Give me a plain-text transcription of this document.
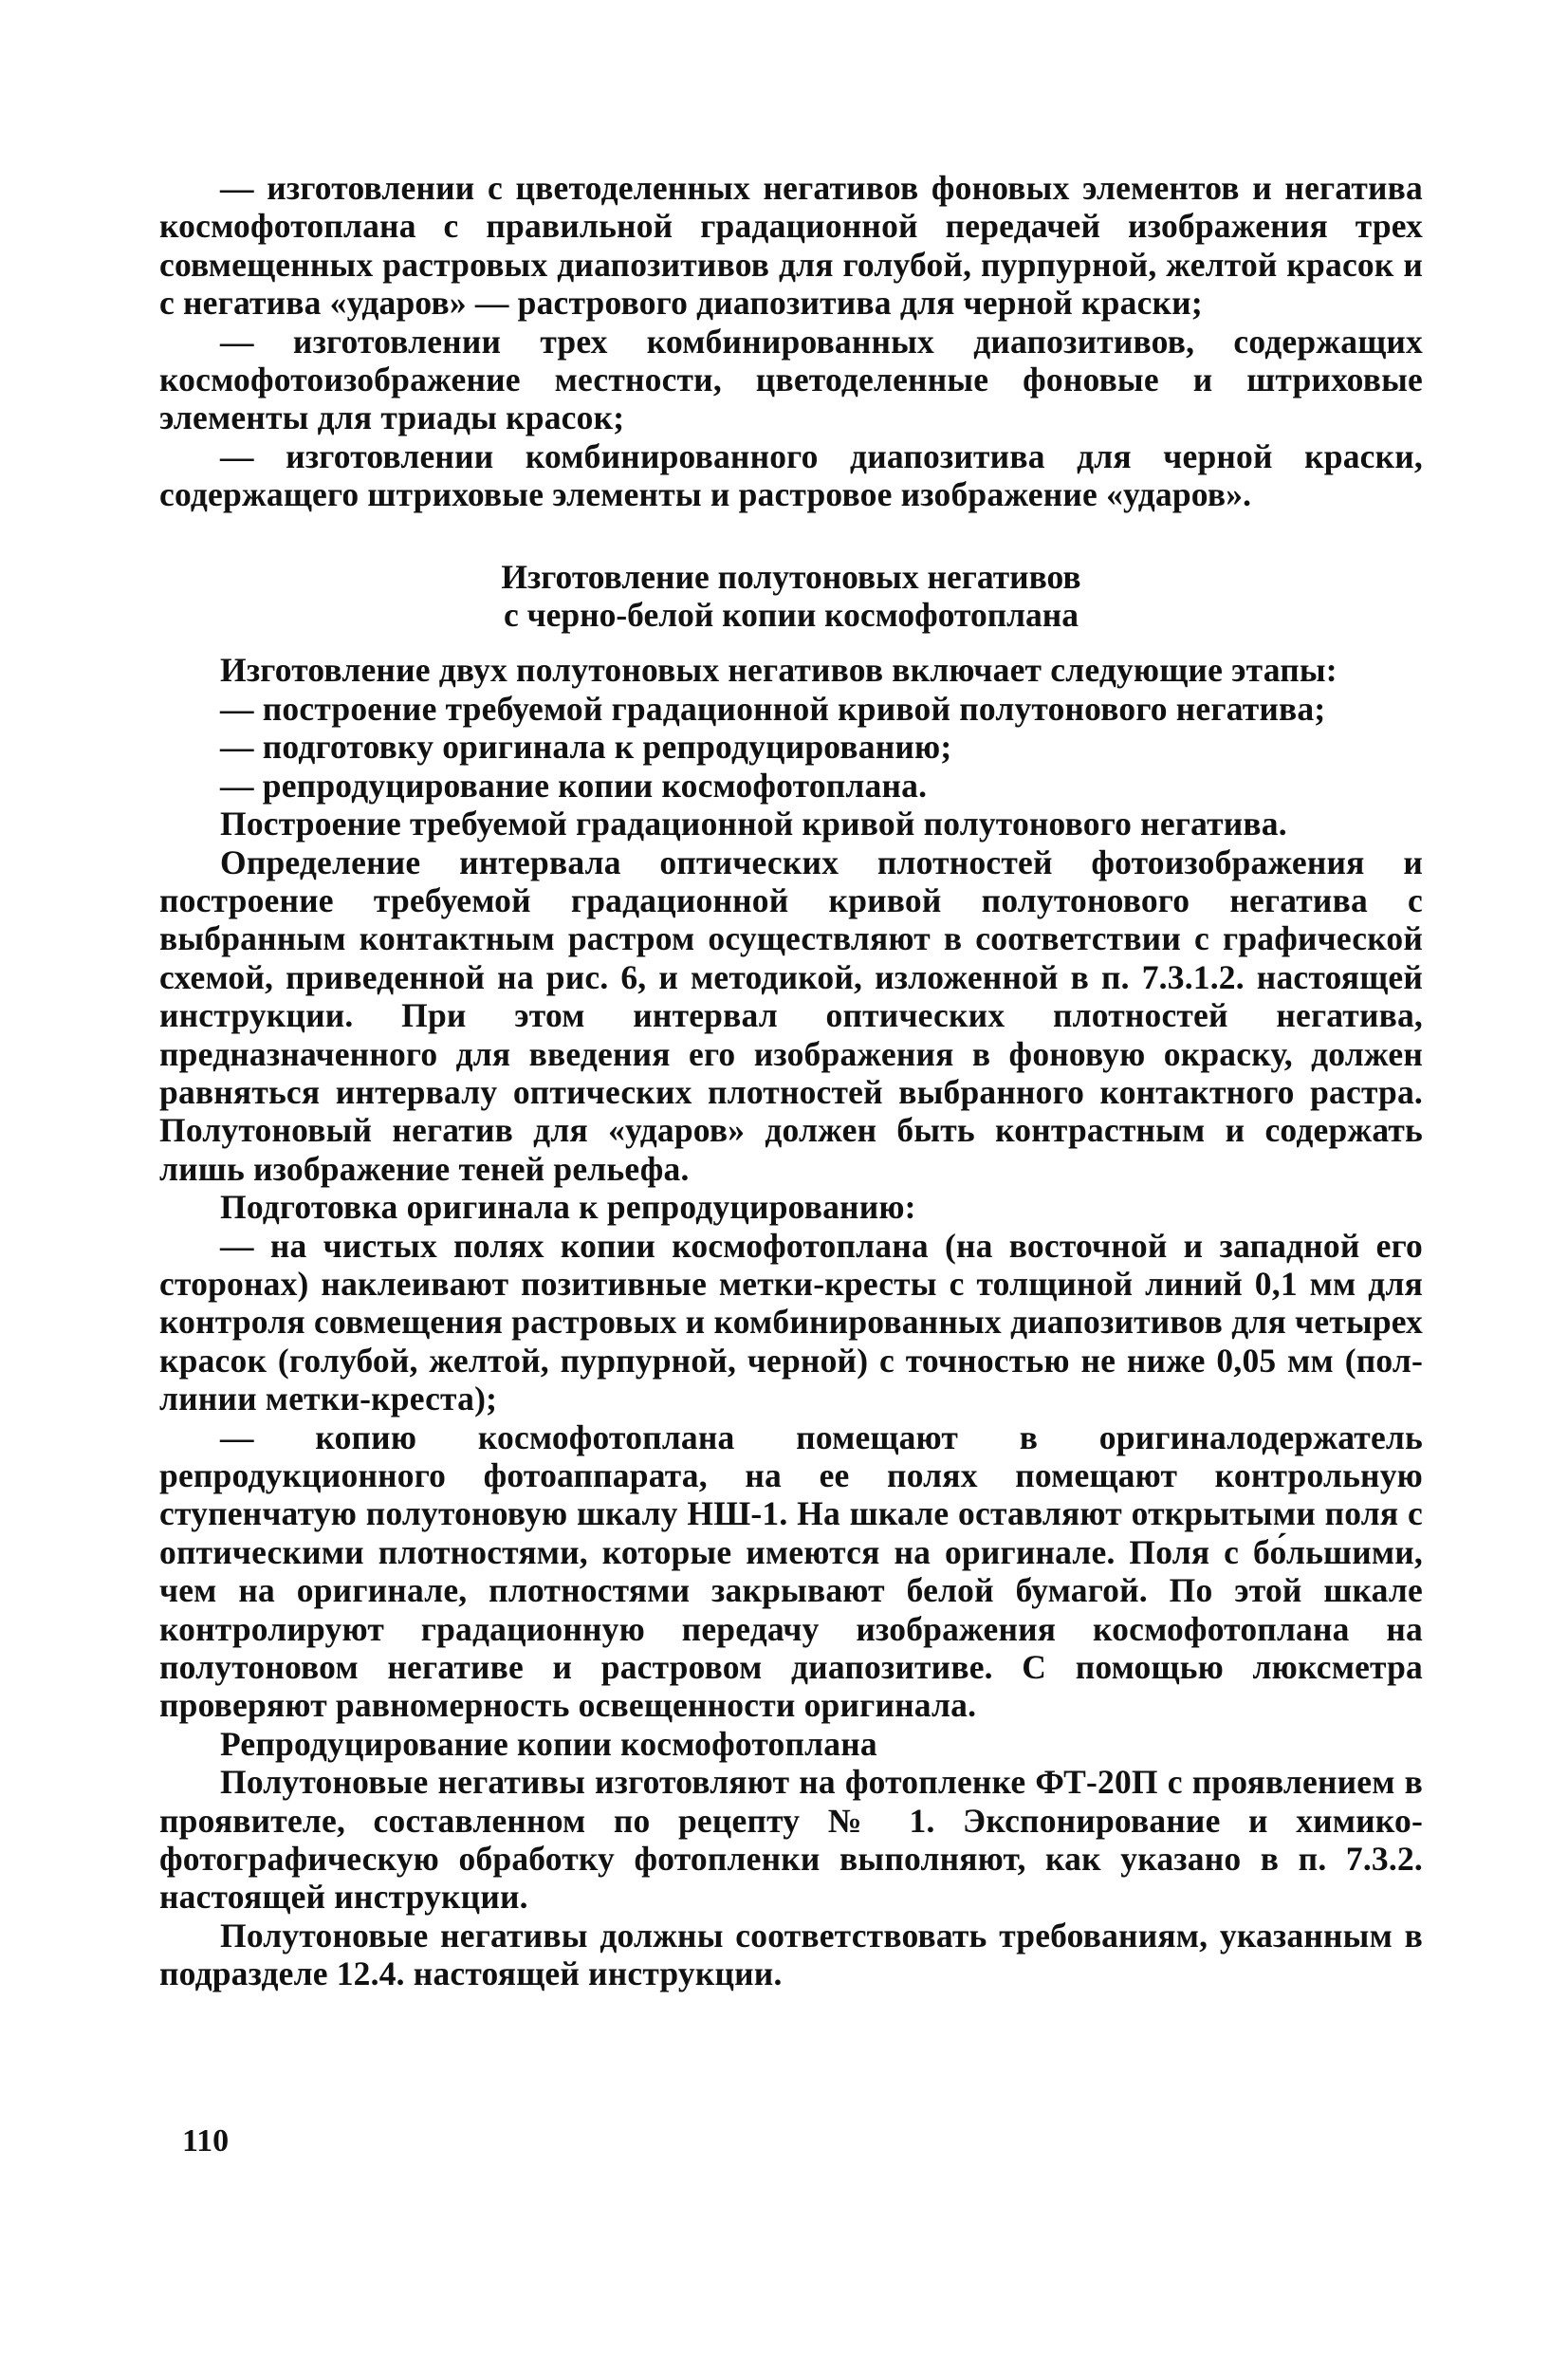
— изготовлении с цветоделенных негативов фоновых элементов и негатива космофотоплана с правильной градационной передачей изображения трех совмещенных растровых диапозитивов для голубой, пурпурной, желтой красок и с негатива «ударов» — растрового диапозитива для черной краски;

— изготовлении трех комбинированных диапозитивов, содержащих космофотоизображение местности, цветоделенные фоновые и штриховые элементы для триады красок;

— изготовлении комбинированного диапозитива для черной краски, содержащего штриховые элементы и растровое изображение «ударов».

Изготовление полутоновых негативов

с черно-белой копии космофотоплана

Изготовление двух полутоновых негативов включает следующие этапы:

— построение требуемой градационной кривой полутонового негатива;

— подготовку оригинала к репродуцированию;

— репродуцирование копии космофотоплана.

Построение требуемой градационной кривой полутонового негатива.

Определение интервала оптических плотностей фотоизображения и построение требуемой градационной кривой полутонового негатива с выбранным контактным растром осуществляют в соответствии с графической схемой, приведенной на рис. 6, и методикой, изложенной в п. 7.3.1.2. настоящей инструкции. При этом интервал оптических плотностей негатива, предназначенного для введения его изображения в фоновую окраску, должен равняться интервалу оптических плотностей выбранного контактного растра. Полутоновый негатив для «ударов» должен быть контрастным и содержать лишь изображение теней рельефа.

Подготовка оригинала к репродуцированию:

— на чистых полях копии космофотоплана (на восточной и западной его сторонах) наклеивают позитивные метки-кресты с толщиной линий 0,1 мм для контроля совмещения растровых и комбинированных диапозитивов для четырех красок (голубой, желтой, пурпурной, черной) с точностью не ниже 0,05 мм (пол-линии метки-креста);

— копию космофотоплана помещают в оригиналодержатель репродукционного фотоаппарата, на ее полях помещают контрольную ступенчатую полутоновую шкалу НШ-1. На шкале оставляют открытыми поля с оптическими плотностями, которые имеются на оригинале. Поля с бо́льшими, чем на оригинале, плотностями закрывают белой бумагой. По этой шкале контролируют градационную передачу изображения космофотоплана на полутоновом негативе и растровом диапозитиве. С помощью люксметра проверяют равномерность освещенности оригинала.

Репродуцирование копии космофотоплана

Полутоновые негативы изготовляют на фотопленке ФТ-20П с проявлением в проявителе, составленном по рецепту № 1. Экспонирование и химико-фотографическую обработку фотопленки выполняют, как указано в п. 7.3.2. настоящей инструкции.

Полутоновые негативы должны соответствовать требованиям, указанным в подразделе 12.4. настоящей инструкции.

110
